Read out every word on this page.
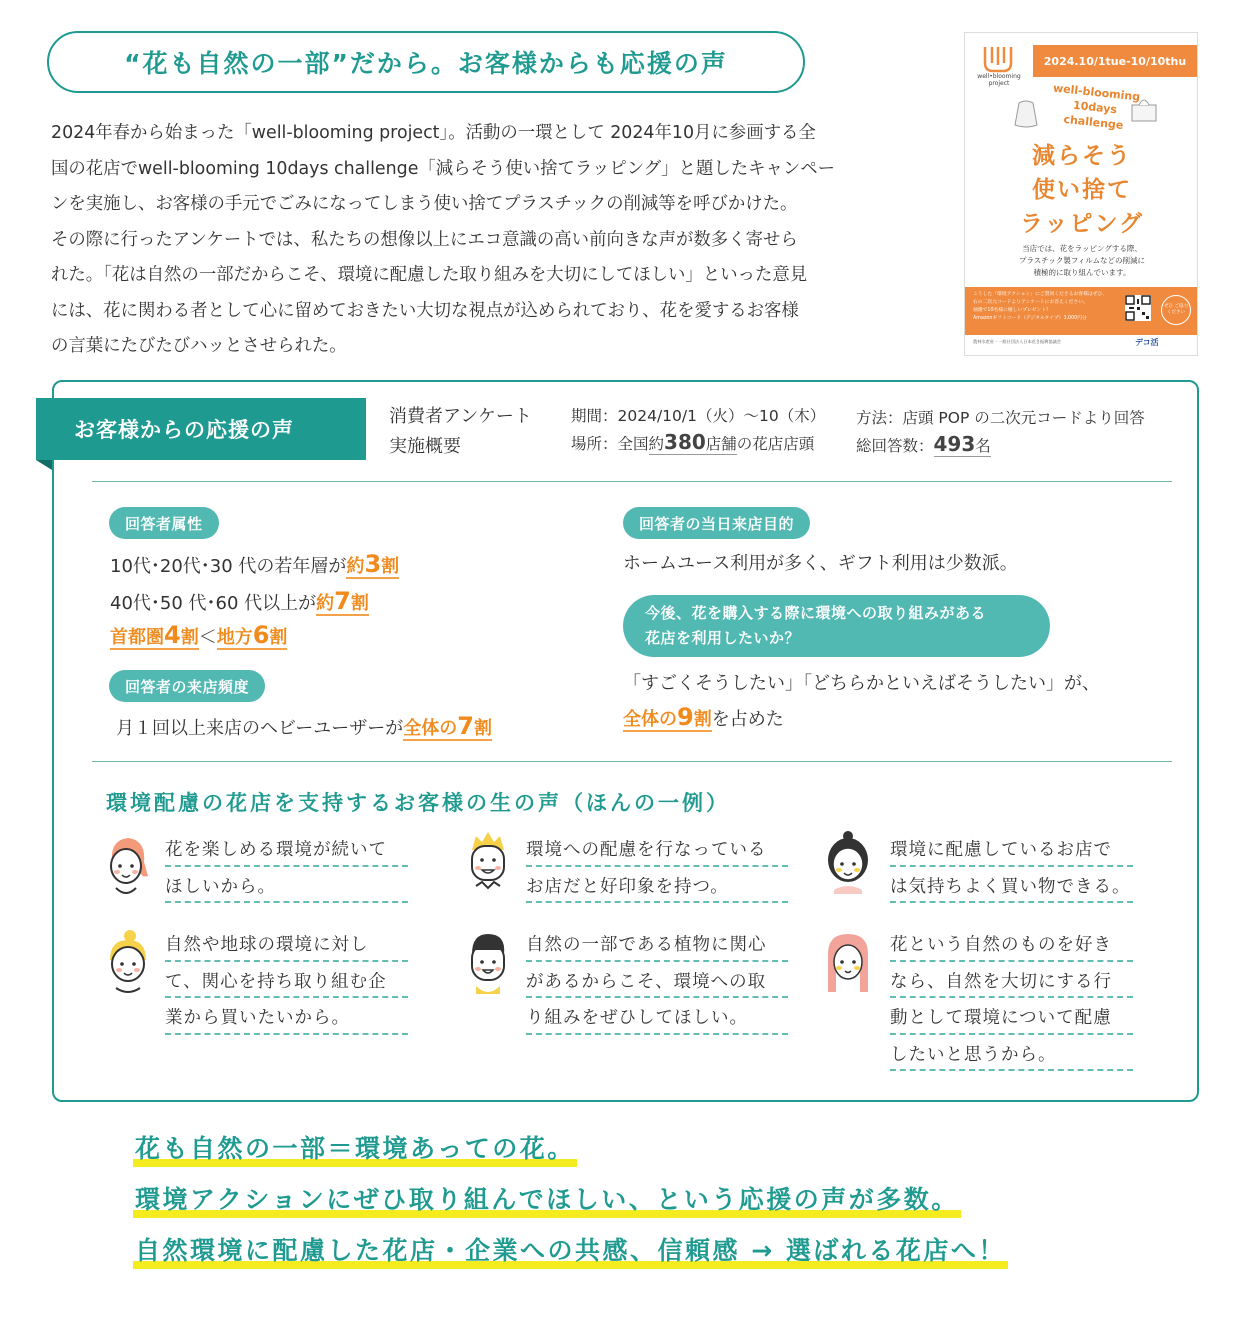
“花も自然の一部”だから。お客様からも応援の声
2024年春から始まった「well-blooming project」。活動の一環として 2024年10月に参画する全
国の花店でwell-blooming 10days challenge「減らそう使い捨てラッピング」と題したキャンペー
ンを実施し、お客様の手元でごみになってしまう使い捨てプラスチックの削減等を呼びかけた。
その際に行ったアンケートでは、私たちの想像以上にエコ意識の高い前向きな声が数多く寄せら
れた。「花は自然の一部だからこそ、環境に配慮した取り組みを大切にしてほしい」といった意見
には、花に関わる者として心に留めておきたい大切な視点が込められており、花を愛するお客様
の言葉にたびたびハッとさせられた。
well•blooming
project
2024.10/1tue-10/10thu
well-blooming
10days
challenge
減らそう
使い捨て
ラッピング
当店では、花をラッピングする際、
プラスチック製フィルムなどの削減に
積極的に取り組んでいます。
こうした「環境アクション」にご賛同くださるお客様はぜひ、
右の二次元コードよりアンケートにお答えください。
抽選で10名様に嬉しいプレゼント!
Amazonギフトコード（デジタルタイプ）3,000円分
ぜひ ご協力 ください
農林水産省・一般社団法人日本花き振興協議会	デコ活
お客様からの応援の声
消費者アンケート
実施概要
期間：2024/10/1（火）〜10（木）
場所：全国約380店舗の花店店頭
方法：店頭 POP の二次元コードより回答
総回答数：493名
回答者属性
10代･20代･30 代の若年層が約3割
40代･50 代･60 代以上が約7割
首都圏4割＜地方6割
回答者の来店頻度
月１回以上来店のヘビーユーザーが全体の7割
回答者の当日来店目的
ホームユース利用が多く、ギフト利用は少数派。
今後、花を購入する際に環境への取り組みがある
花店を利用したいか？
「すごくそうしたい」「どちらかといえばそうしたい」が、
全体の9割を占めた
環境配慮の花店を支持するお客様の生の声（ほんの一例）
花を楽しめる環境が続いて
ほしいから。
環境への配慮を行なっている
お店だと好印象を持つ。
環境に配慮しているお店で
は気持ちよく買い物できる。
自然や地球の環境に対し
て、関心を持ち取り組む企
業から買いたいから。
自然の一部である植物に関心
があるからこそ、環境への取
り組みをぜひしてほしい。
花という自然のものを好き
なら、自然を大切にする行
動として環境について配慮
したいと思うから。
花も自然の一部＝環境あっての花。
環境アクションにぜひ取り組んでほしい、という応援の声が多数。
自然環境に配慮した花店・企業への共感、信頼感 → 選ばれる花店へ！
